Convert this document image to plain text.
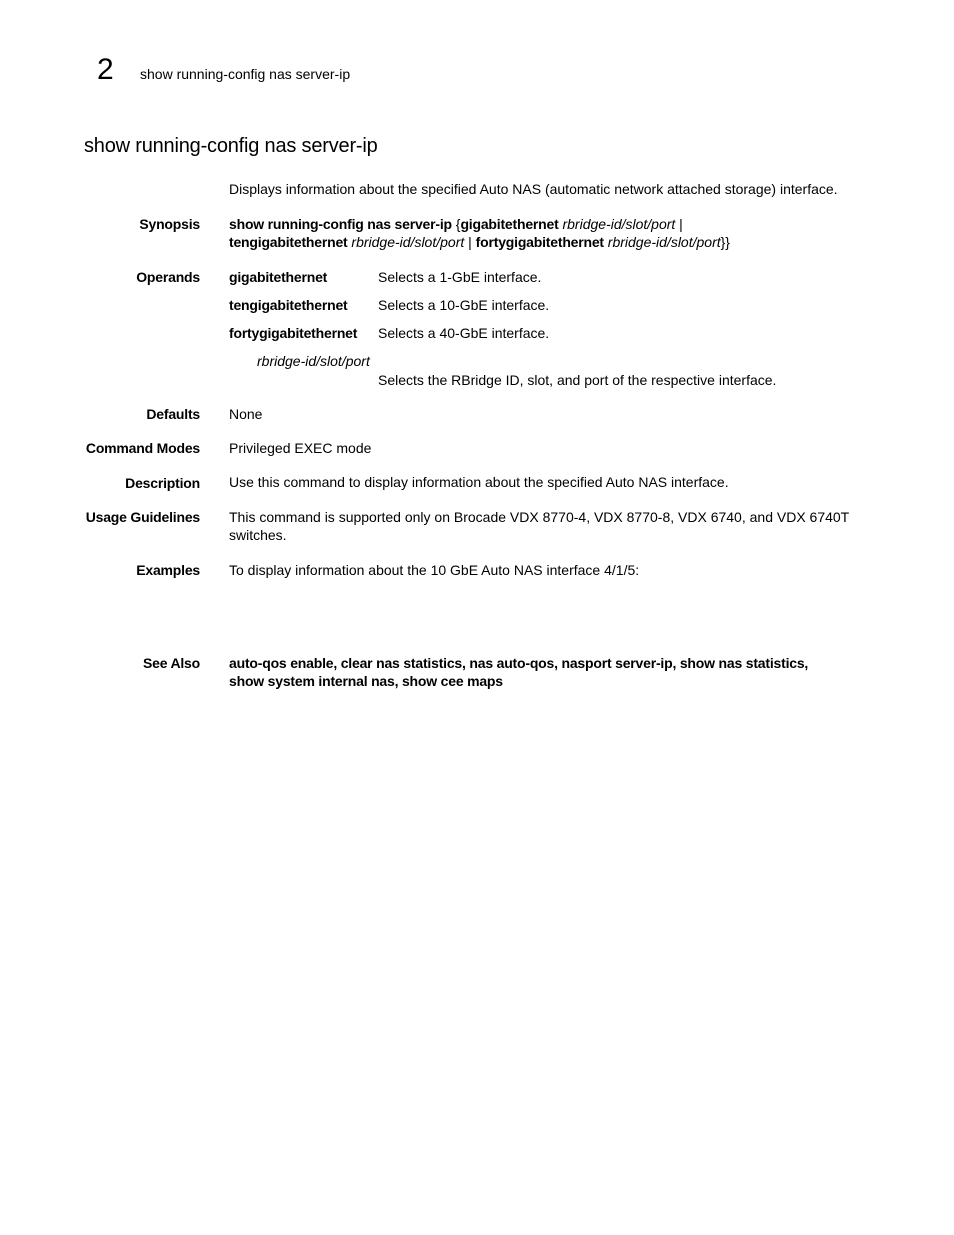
2 show running-config nas server-ip
show running-config nas server-ip
Displays information about the specified Auto NAS (automatic network attached storage) interface.
Synopsis show running-config nas server-ip {gigabitethernet rbridge-id/slot/port |
tengigabitethernet rbridge-id/slot/port | fortygigabitethernet rbridge-id/slot/port}}
Operands gigabitethernet	Selects a 1-GbE interface.
tengigabitethernet Selects a 10-GbE interface.
fortygigabitethernet Selects a 40-GbE interface.
rbridge-id/slot/port
Selects the RBridge ID, slot, and port of the respective interface.
Defaults None
Command Modes Privileged EXEC mode
Description Use this command to display information about the specified Auto NAS interface.
Usage Guidelines This command is supported only on Brocade VDX 8770-4, VDX 8770-8, VDX 6740, and VDX 6740T
switches.
Examples To display information about the 10 GbE Auto NAS interface 4/1/5:
See Also auto-qos enable, clear nas statistics, nas auto-qos, nasport server-ip, show nas statistics,
show system internal nas, show cee maps
